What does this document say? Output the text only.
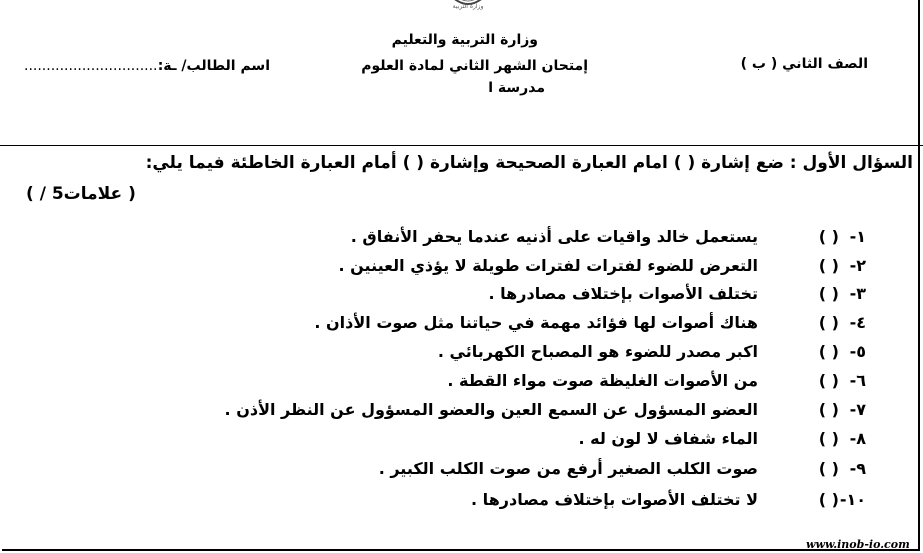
وزارة التربية
وزارة التربية والتعليم
الصف الثاني ( ب )
إمتحان الشهر الثاني لمادة العلوم
اسم الطالب/ ـة:
..............................
مدرسة ا
السؤال الأول : ضع إشارة ( ) امام العبارة الصحيحة وإشارة ( ) أمام العبارة الخاطئة فيما يلي:
( / 5علامات )
١-
( )
يستعمل خالد واقيات على أذنيه عندما يحفر الأنفاق .
٢-
( )
التعرض للضوء لفترات لفترات طويلة لا يؤذي العينين .
٣-
( )
تختلف الأصوات بإختلاف مصادرها .
٤-
( )
هناك أصوات لها فؤائد مهمة في حياتنا مثل صوت الأذان .
٥-
( )
اكبر مصدر للضوء هو المصباح الكهربائي .
٦-
( )
من الأصوات الغليظة صوت مواء القطة .
٧-
( )
العضو المسؤول عن السمع العين والعضو المسؤول عن النظر الأذن .
٨-
( )
الماء شفاف لا لون له .
٩-
( )
صوت الكلب الصغير أرفع من صوت الكلب الكبير .
١٠-
( )
لا تختلف الأصوات بإختلاف مصادرها .
www.inob-io.com
